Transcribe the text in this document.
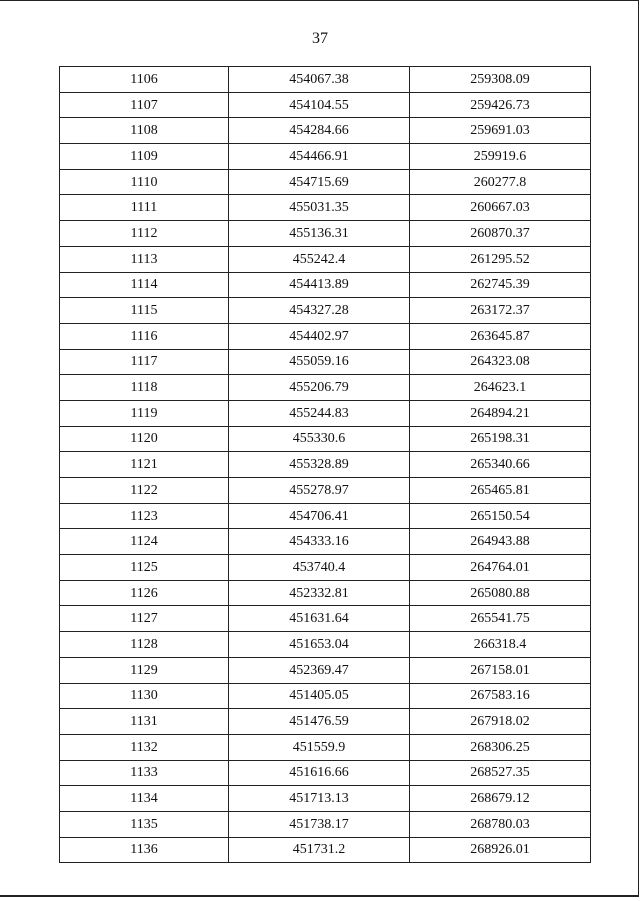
37
1106	454067.38	259308.09
1107	454104.55	259426.73
1108	454284.66	259691.03
1109	454466.91	259919.6
1110	454715.69	260277.8
1111	455031.35	260667.03
1112	455136.31	260870.37
1113	455242.4	261295.52
1114	454413.89	262745.39
1115	454327.28	263172.37
1116	454402.97	263645.87
1117	455059.16	264323.08
1118	455206.79	264623.1
1119	455244.83	264894.21
1120	455330.6	265198.31
1121	455328.89	265340.66
1122	455278.97	265465.81
1123	454706.41	265150.54
1124	454333.16	264943.88
1125	453740.4	264764.01
1126	452332.81	265080.88
1127	451631.64	265541.75
1128	451653.04	266318.4
1129	452369.47	267158.01
1130	451405.05	267583.16
1131	451476.59	267918.02
1132	451559.9	268306.25
1133	451616.66	268527.35
1134	451713.13	268679.12
1135	451738.17	268780.03
1136	451731.2	268926.01
